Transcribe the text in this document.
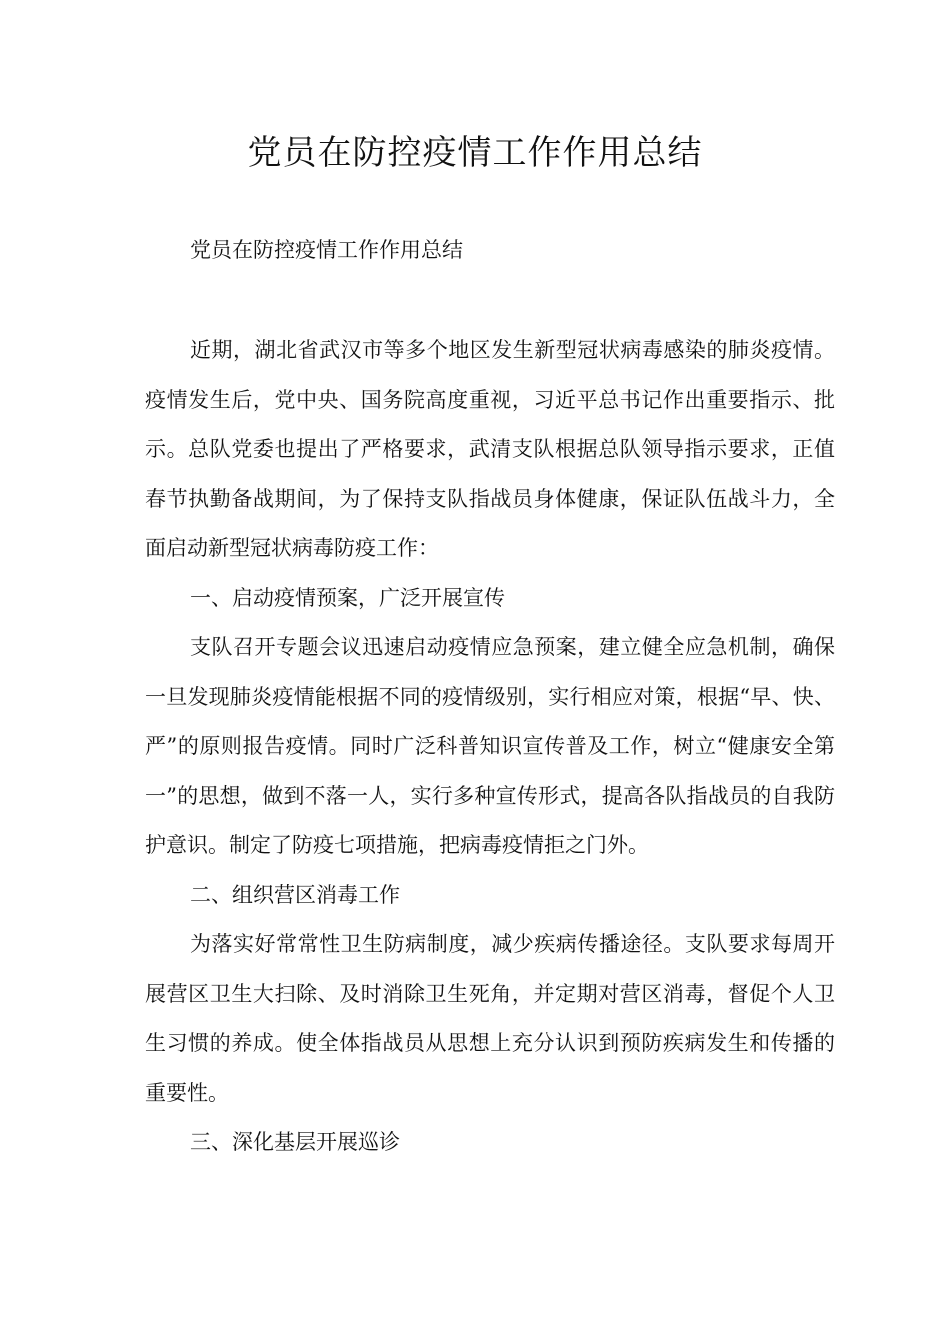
党员在防控疫情工作作用总结

党员在防控疫情工作作用总结

近期，湖北省武汉市等多个地区发生新型冠状病毒感染的肺炎疫情。疫情发生后，党中央、国务院高度重视，习近平总书记作出重要指示、批示。总队党委也提出了严格要求，武清支队根据总队领导指示要求，正值春节执勤备战期间，为了保持支队指战员身体健康，保证队伍战斗力，全面启动新型冠状病毒防疫工作：

一、启动疫情预案，广泛开展宣传

支队召开专题会议迅速启动疫情应急预案，建立健全应急机制，确保一旦发现肺炎疫情能根据不同的疫情级别，实行相应对策，根据“早、快、严”的原则报告疫情。同时广泛科普知识宣传普及工作，树立“健康安全第一”的思想，做到不落一人，实行多种宣传形式，提高各队指战员的自我防护意识。制定了防疫七项措施，把病毒疫情拒之门外。

二、组织营区消毒工作

为落实好常常性卫生防病制度，减少疾病传播途径。支队要求每周开展营区卫生大扫除、及时消除卫生死角，并定期对营区消毒，督促个人卫生习惯的养成。使全体指战员从思想上充分认识到预防疾病发生和传播的重要性。

三、深化基层开展巡诊
